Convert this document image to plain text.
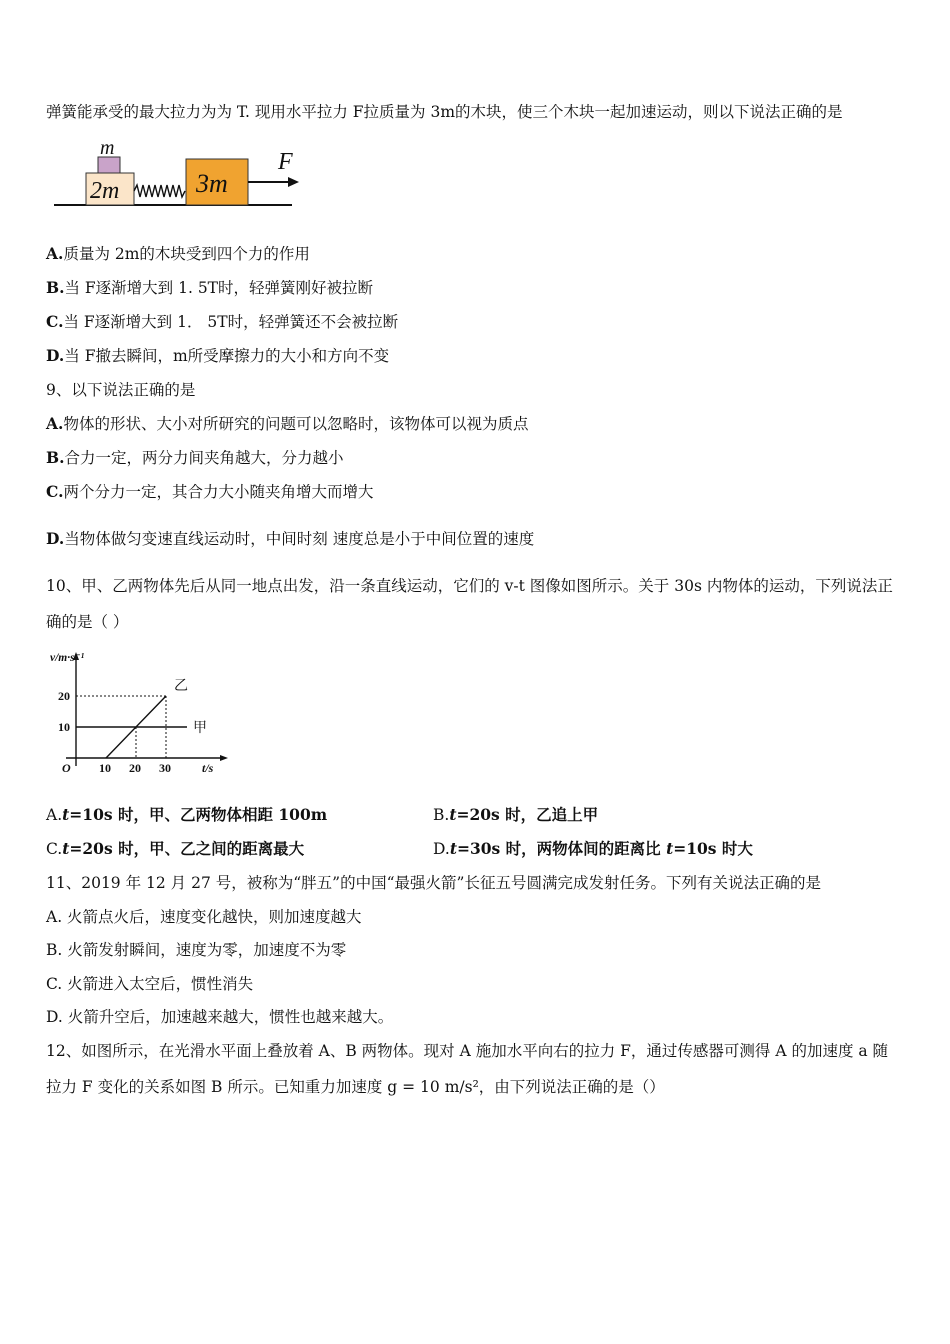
弹簧能承受的最大拉力为为 T. 现用水平拉力 F拉质量为 3m的木块，使三个木块一起加速运动，则以下说法正确的是
m
2m	3m
F
A.质量为 2m的木块受到四个力的作用
B.当 F逐渐增大到 1. 5T时，轻弹簧刚好被拉断
C.当 F逐渐增大到 1． 5T时，轻弹簧还不会被拉断
D.当 F撤去瞬间，m所受摩擦力的大小和方向不变
9、以下说法正确的是
A.物体的形状、大小对所研究的问题可以忽略时，该物体可以视为质点
B.合力一定，两分力间夹角越大，分力越小
C.两个分力一定，其合力大小随夹角增大而增大
D.当物体做匀变速直线运动时，中间时刻 速度总是小于中间位置的速度
10、甲、乙两物体先后从同一地点出发，沿一条直线运动，它们的 v-t 图像如图所示。关于 30s 内物体的运动，下列说法正
确的是（ ）
v/m·s⁻¹
t/s
O 10 20 30
10
20
甲
乙
A.t=10s 时，甲、乙两物体相距 100m	B.t=20s 时，乙追上甲
C.t=20s 时，甲、乙之间的距离最大	D.t=30s 时，两物体间的距离比 t=10s 时大
11、2019 年 12 月 27 号，被称为“胖五”的中国“最强火箭”长征五号圆满完成发射任务。下列有关说法正确的是
A. 火箭点火后，速度变化越快，则加速度越大
B. 火箭发射瞬间，速度为零，加速度不为零
C. 火箭进入太空后，惯性消失
D. 火箭升空后，加速越来越大，惯性也越来越大。
12、如图所示，在光滑水平面上叠放着 A、B 两物体。现对 A 施加水平向右的拉力 F，通过传感器可测得 A 的加速度 a 随
拉力 F 变化的关系如图 B 所示。已知重力加速度 g = 10 m/s²，由下列说法正确的是（）
